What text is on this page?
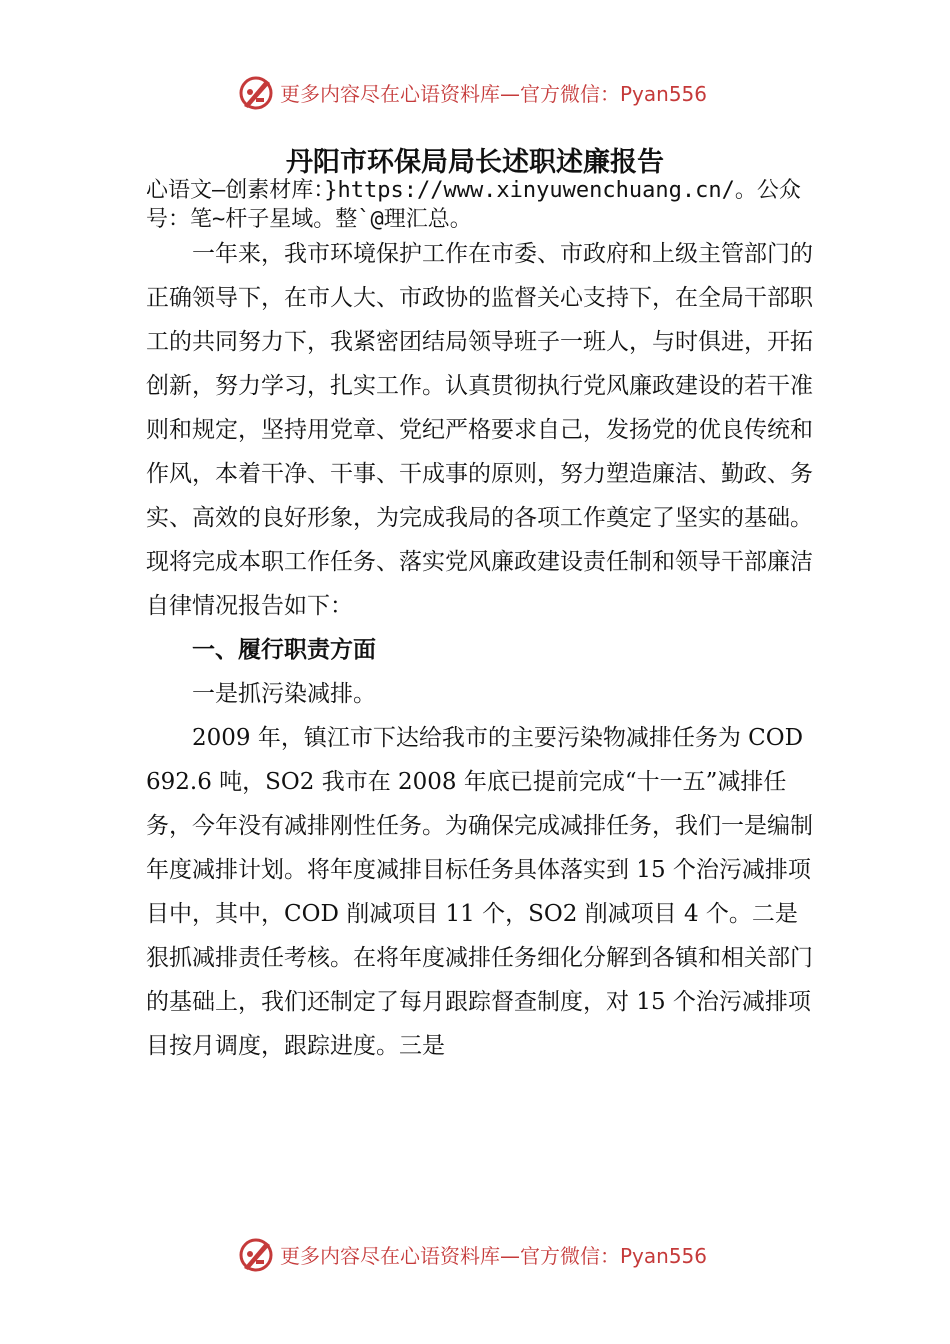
更多内容尽在心语资料库—官方微信：Pyan556
丹阳市环保局局长述职述廉报告
心语文—创素材库：}https://www.xinyuwenchuang.cn/。公众号：笔~杆子星域。整`@理汇总。

一年来，我市环境保护工作在市委、市政府和上级主管部门的正确领导下，在市人大、市政协的监督关心支持下，在全局干部职工的共同努力下，我紧密团结局领导班子一班人，与时俱进，开拓创新，努力学习，扎实工作。认真贯彻执行党风廉政建设的若干准则和规定，坚持用党章、党纪严格要求自己，发扬党的优良传统和作风，本着干净、干事、干成事的原则，努力塑造廉洁、勤政、务实、高效的良好形象，为完成我局的各项工作奠定了坚实的基础。现将完成本职工作任务、落实党风廉政建设责任制和领导干部廉洁自律情况报告如下：

一、履行职责方面

一是抓污染减排。

2009 年，镇江市下达给我市的主要污染物减排任务为 COD 692.6 吨，SO2 我市在 2008 年底已提前完成“十一五”减排任务，今年没有减排刚性任务。为确保完成减排任务，我们一是编制年度减排计划。将年度减排目标任务具体落实到 15 个治污减排项目中，其中，COD 削减项目 11 个，SO2 削减项目 4 个。二是狠抓减排责任考核。在将年度减排任务细化分解到各镇和相关部门的基础上，我们还制定了每月跟踪督查制度，对 15 个治污减排项目按月调度，跟踪进度。三是

更多内容尽在心语资料库—官方微信：Pyan556
